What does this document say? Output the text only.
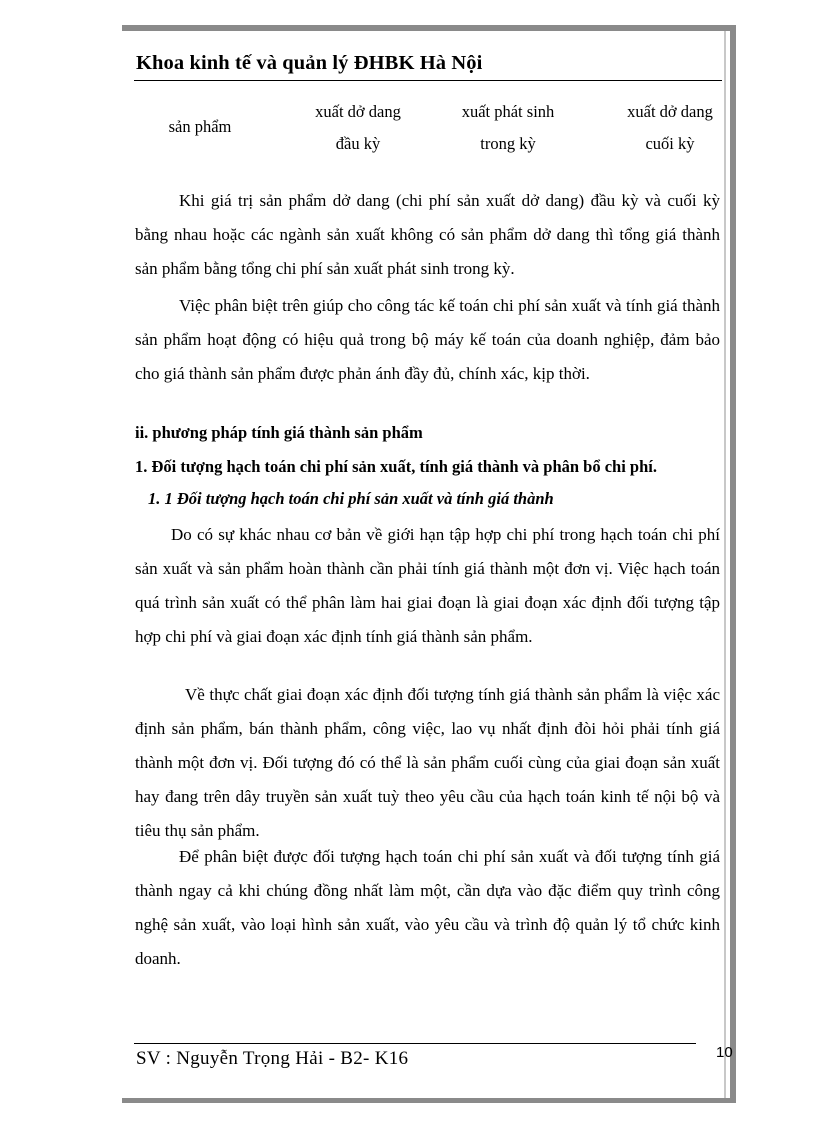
Khoa kinh tế và quản lý ĐHBK Hà Nội
sản phẩm
xuất dở dang
đầu kỳ
xuất phát sinh
trong kỳ
xuất dở dang
cuối kỳ
Khi giá trị sản phẩm dở dang (chi phí sản xuất dở dang) đầu kỳ và cuối kỳ bằng nhau hoặc các ngành sản xuất không có sản phẩm dở dang thì tổng giá thành sản phẩm bằng tổng chi phí sản xuất phát sinh trong kỳ.
Việc phân biệt trên giúp cho công tác kế toán chi phí sản xuất và tính giá thành sản phẩm hoạt động có hiệu quả trong bộ máy kế toán của doanh nghiệp, đảm bảo cho giá thành sản phẩm được phản ánh đầy đủ, chính xác, kịp thời.
ii. phương pháp tính giá thành sản phẩm
1. Đối tượng hạch toán chi phí sản xuất, tính giá thành và phân bổ chi phí.
1. 1 Đối tượng hạch toán chi phí sản xuất và tính giá thành
Do có sự khác nhau cơ bản về giới hạn tập hợp chi phí trong hạch toán chi phí sản xuất và sản phẩm hoàn thành cần phải tính giá thành một đơn vị. Việc hạch toán quá trình sản xuất có thể phân làm hai giai đoạn là giai đoạn xác định đối tượng tập hợp chi phí và giai đoạn xác định tính giá thành sản phẩm.
Về thực chất giai đoạn xác định đối tượng tính giá thành sản phẩm là việc xác định sản phẩm, bán thành phẩm, công việc, lao vụ nhất định đòi hỏi phải tính giá thành một đơn vị. Đối tượng đó có thể là sản phẩm cuối cùng của giai đoạn sản xuất hay đang trên dây truyền sản xuất tuỳ theo yêu cầu của hạch toán kinh tế nội bộ và tiêu thụ sản phẩm.
Để phân biệt được đối tượng hạch toán chi phí sản xuất và đối tượng tính giá thành ngay cả khi chúng đồng nhất làm một, cần dựa vào đặc điểm quy trình công nghệ sản xuất, vào loại hình sản xuất, vào yêu cầu và trình độ quản lý tổ chức kinh doanh.
SV : Nguyễn Trọng Hải - B2- K16	10
